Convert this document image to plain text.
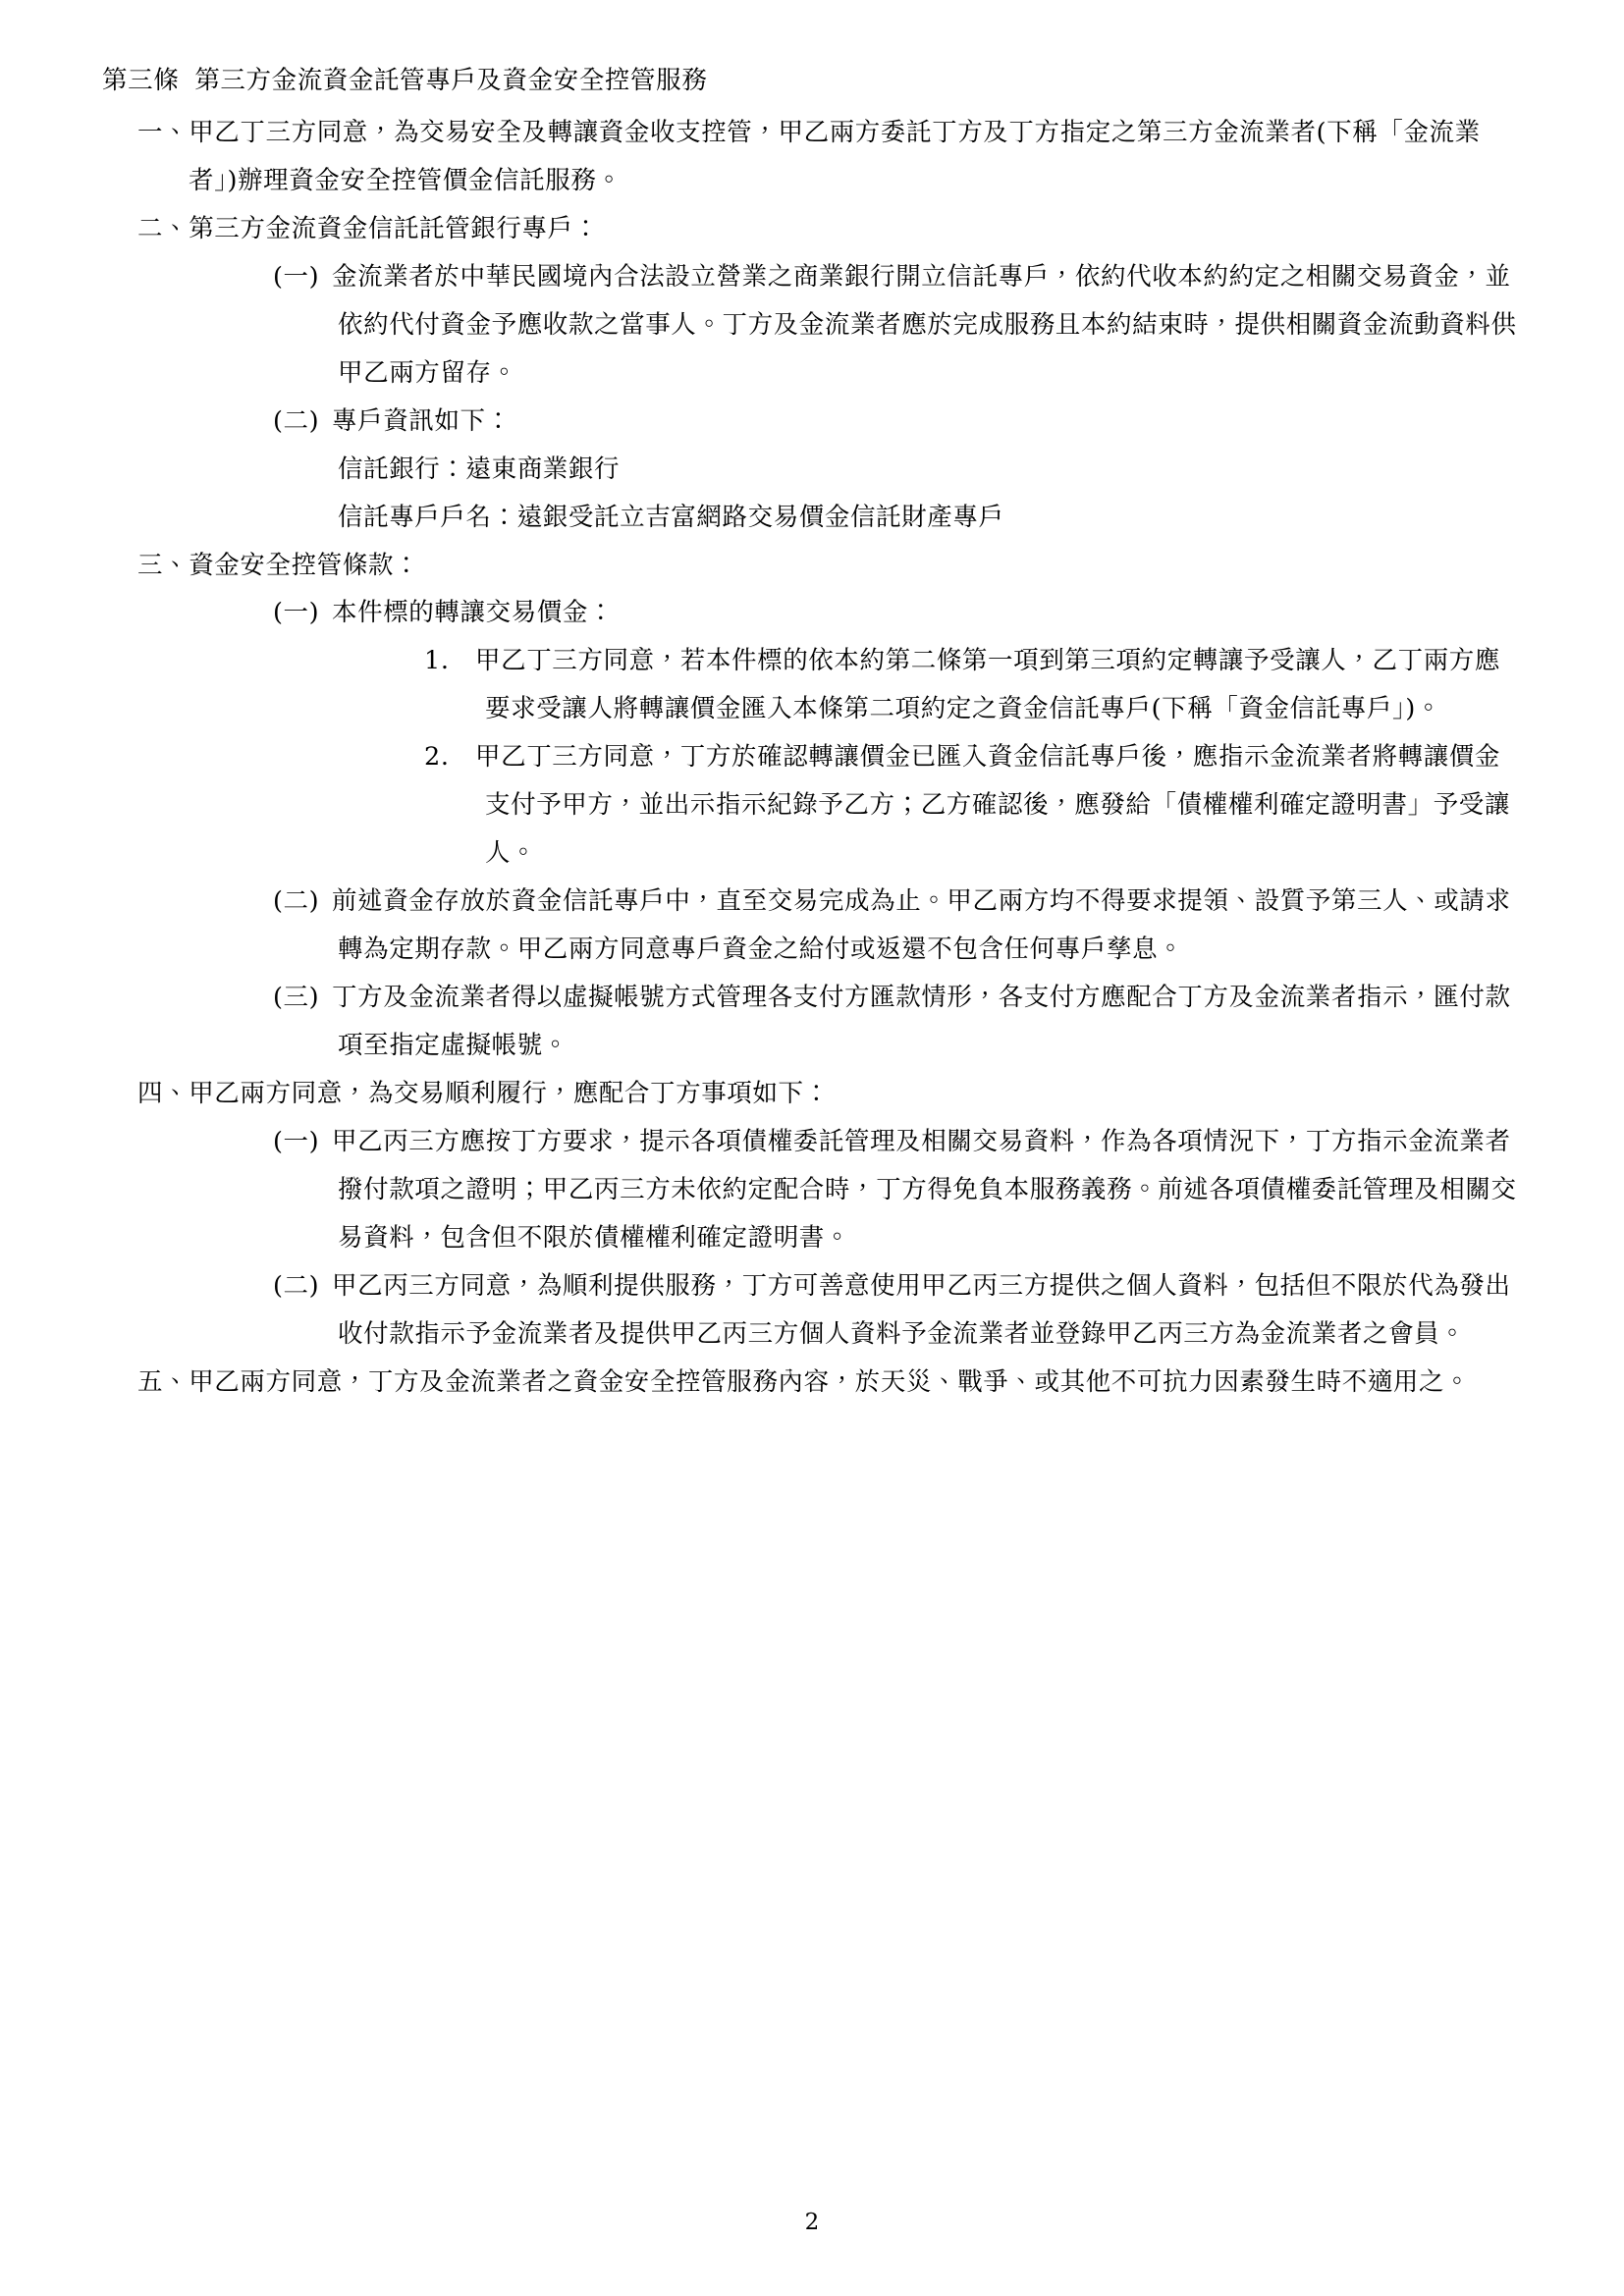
第三條 第三方金流資金託管專戶及資金安全控管服務

一、甲乙丁三方同意，為交易安全及轉讓資金收支控管，甲乙兩方委託丁方及丁方指定之第三方金流業者(下稱「金流業者」)辦理資金安全控管價金信託服務。

二、第三方金流資金信託託管銀行專戶：

(一) 金流業者於中華民國境內合法設立營業之商業銀行開立信託專戶，依約代收本約約定之相關交易資金，並依約代付資金予應收款之當事人。丁方及金流業者應於完成服務且本約結束時，提供相關資金流動資料供甲乙兩方留存。

(二) 專戶資訊如下：

信託銀行：遠東商業銀行

信託專戶戶名：遠銀受託立吉富網路交易價金信託財產專戶

三、資金安全控管條款：

(一) 本件標的轉讓交易價金：

1. 甲乙丁三方同意，若本件標的依本約第二條第一項到第三項約定轉讓予受讓人，乙丁兩方應要求受讓人將轉讓價金匯入本條第二項約定之資金信託專戶(下稱「資金信託專戶」)。

2. 甲乙丁三方同意，丁方於確認轉讓價金已匯入資金信託專戶後，應指示金流業者將轉讓價金支付予甲方，並出示指示紀錄予乙方；乙方確認後，應發給「債權權利確定證明書」予受讓人。

(二) 前述資金存放於資金信託專戶中，直至交易完成為止。甲乙兩方均不得要求提領、設質予第三人、或請求轉為定期存款。甲乙兩方同意專戶資金之給付或返還不包含任何專戶孳息。

(三) 丁方及金流業者得以虛擬帳號方式管理各支付方匯款情形，各支付方應配合丁方及金流業者指示，匯付款項至指定虛擬帳號。

四、甲乙兩方同意，為交易順利履行，應配合丁方事項如下：

(一) 甲乙丙三方應按丁方要求，提示各項債權委託管理及相關交易資料，作為各項情況下，丁方指示金流業者撥付款項之證明；甲乙丙三方未依約定配合時，丁方得免負本服務義務。前述各項債權委託管理及相關交易資料，包含但不限於債權權利確定證明書。

(二) 甲乙丙三方同意，為順利提供服務，丁方可善意使用甲乙丙三方提供之個人資料，包括但不限於代為發出收付款指示予金流業者及提供甲乙丙三方個人資料予金流業者並登錄甲乙丙三方為金流業者之會員。

五、甲乙兩方同意，丁方及金流業者之資金安全控管服務內容，於天災、戰爭、或其他不可抗力因素發生時不適用之。

2
